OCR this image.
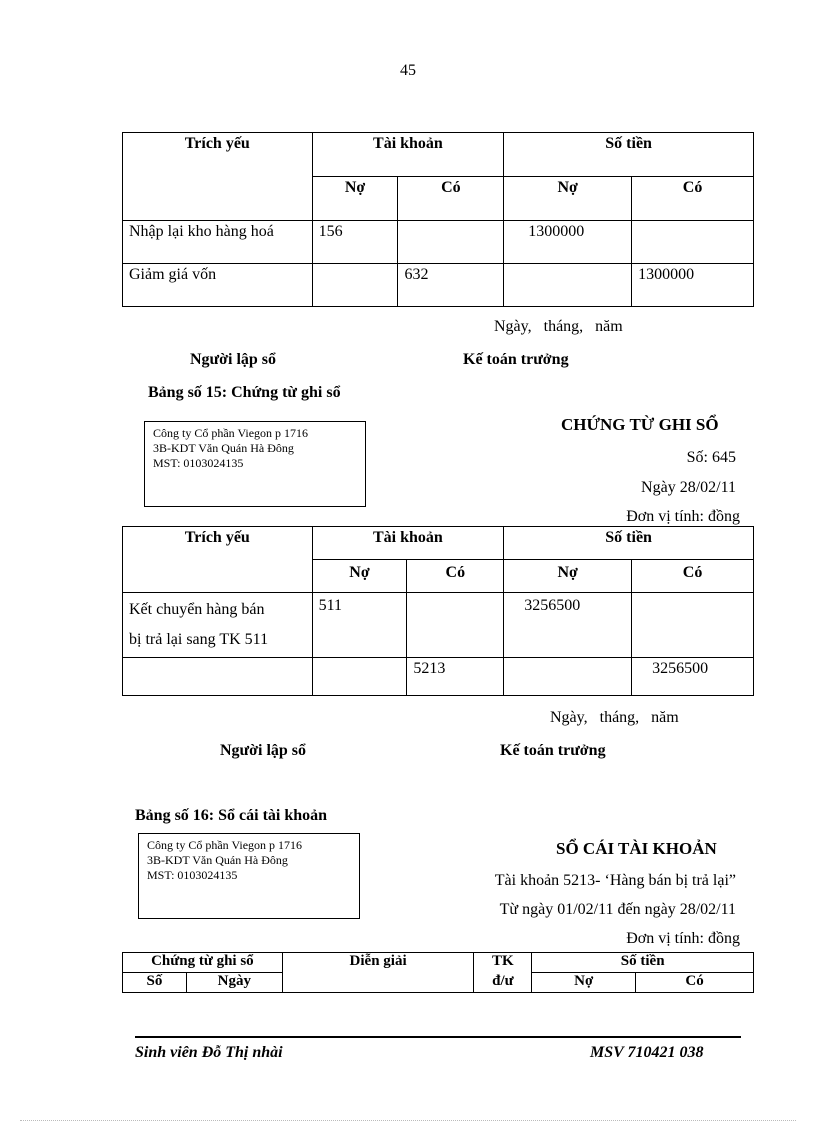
45
Trích yếu	Tài khoản		Số tiền	
	Nợ	Có	Nợ	Có
Nhập lại kho hàng hoá	156		1300000	
Giảm giá vốn		632		1300000
Ngày,   tháng,   năm
Người lập sổ	Kế toán trưởng
Bảng số 15: Chứng từ ghi sổ
Công ty Cổ phần Viegon p 1716
3B-KDT Văn Quán Hà Đông
MST: 0103024135
CHỨNG TỪ GHI SỔ
Số: 645
Ngày 28/02/11
Đơn vị tính: đồng
Trích yếu	Tài khoản		Số tiền	
	Nợ	Có	Nợ	Có

Kết chuyển hàng bán
bị trả lại sang TK 511	511		3256500	
		5213		3256500
Ngày,   tháng,   năm
Người lập sổ	Kế toán trưởng
Bảng số 16: Sổ cái tài khoản
Công ty Cổ phần Viegon p 1716
3B-KDT Văn Quán Hà Đông
MST: 0103024135
SỔ CÁI TÀI KHOẢN
Tài khoản 5213- ‘Hàng bán bị trả lại”
Từ ngày 01/02/11 đến ngày 28/02/11
Đơn vị tính: đồng
Chứng từ ghi sổ		Diễn giải	TK	Số tiền	
Số	Ngày		đ/ư	Nợ	Có
Sinh viên Đỗ Thị nhài	MSV 710421 038
